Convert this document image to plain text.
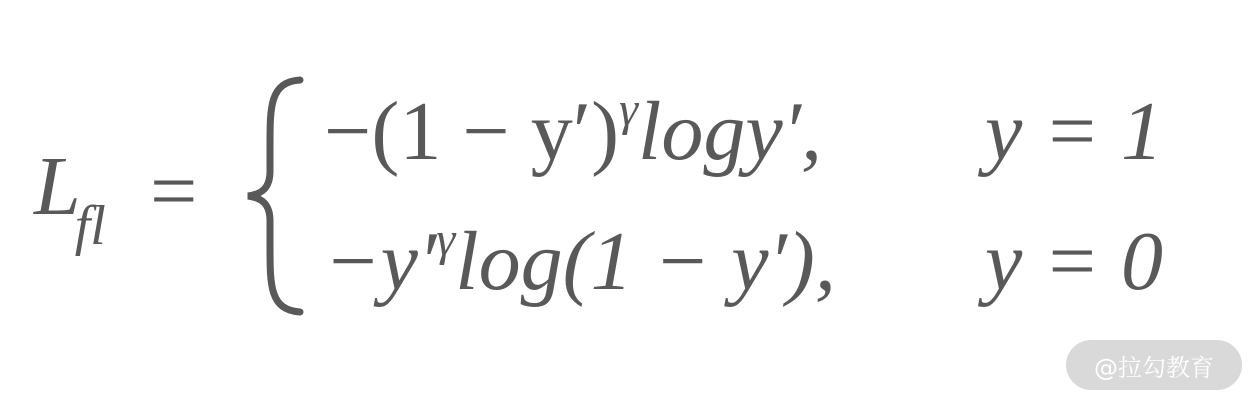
$L_{fl}$ =
$-(1 - y')^\gamma\log y'$, y = 1
$-y'^\gamma\log(1 - y')$, y = 0
@拉勾教育
